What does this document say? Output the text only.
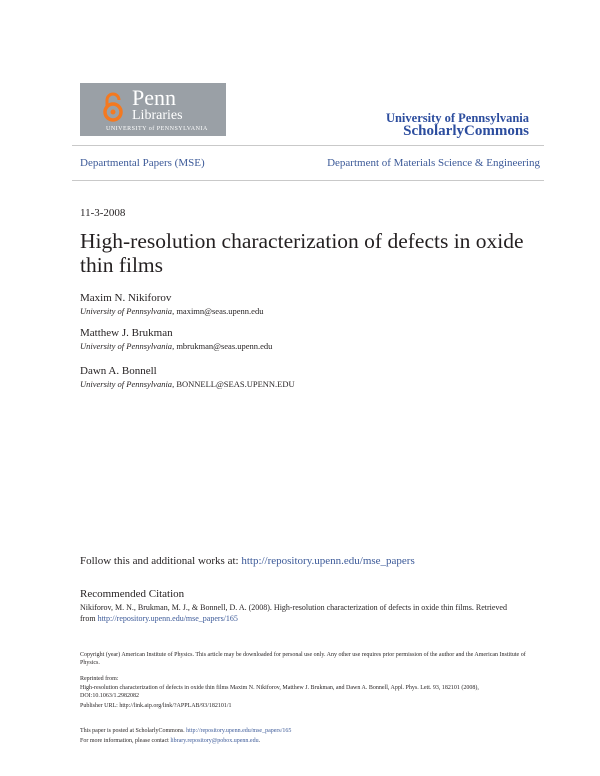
Penn
Libraries
UNIVERSITY of PENNSYLVANIA
University of Pennsylvania
ScholarlyCommons
Departmental Papers (MSE)	Department of Materials Science & Engineering
11-3-2008
High-resolution characterization of defects in oxide thin films
Maxim N. Nikiforov
University of Pennsylvania, maximn@seas.upenn.edu
Matthew J. Brukman
University of Pennsylvania, mbrukman@seas.upenn.edu
Dawn A. Bonnell
University of Pennsylvania, BONNELL@SEAS.UPENN.EDU
Follow this and additional works at: http://repository.upenn.edu/mse_papers
Recommended Citation
Nikiforov, M. N., Brukman, M. J., & Bonnell, D. A. (2008). High-resolution characterization of defects in oxide thin films. Retrieved from http://repository.upenn.edu/mse_papers/165
Copyright (year) American Institute of Physics. This article may be downloaded for personal use only. Any other use requires prior permission of the author and the American Institute of Physics.
Reprinted from:
High-resolution characterization of defects in oxide thin films Maxim N. Nikiforov, Matthew J. Brukman, and Dawn A. Bonnell, Appl. Phys. Lett. 93, 182101 (2008), DOI:10.1063/1.2982082
Publisher URL: http://link.aip.org/link/?APPLAB/93/182101/1
This paper is posted at ScholarlyCommons. http://repository.upenn.edu/mse_papers/165
For more information, please contact library.repository@pobox.upenn.edu.
